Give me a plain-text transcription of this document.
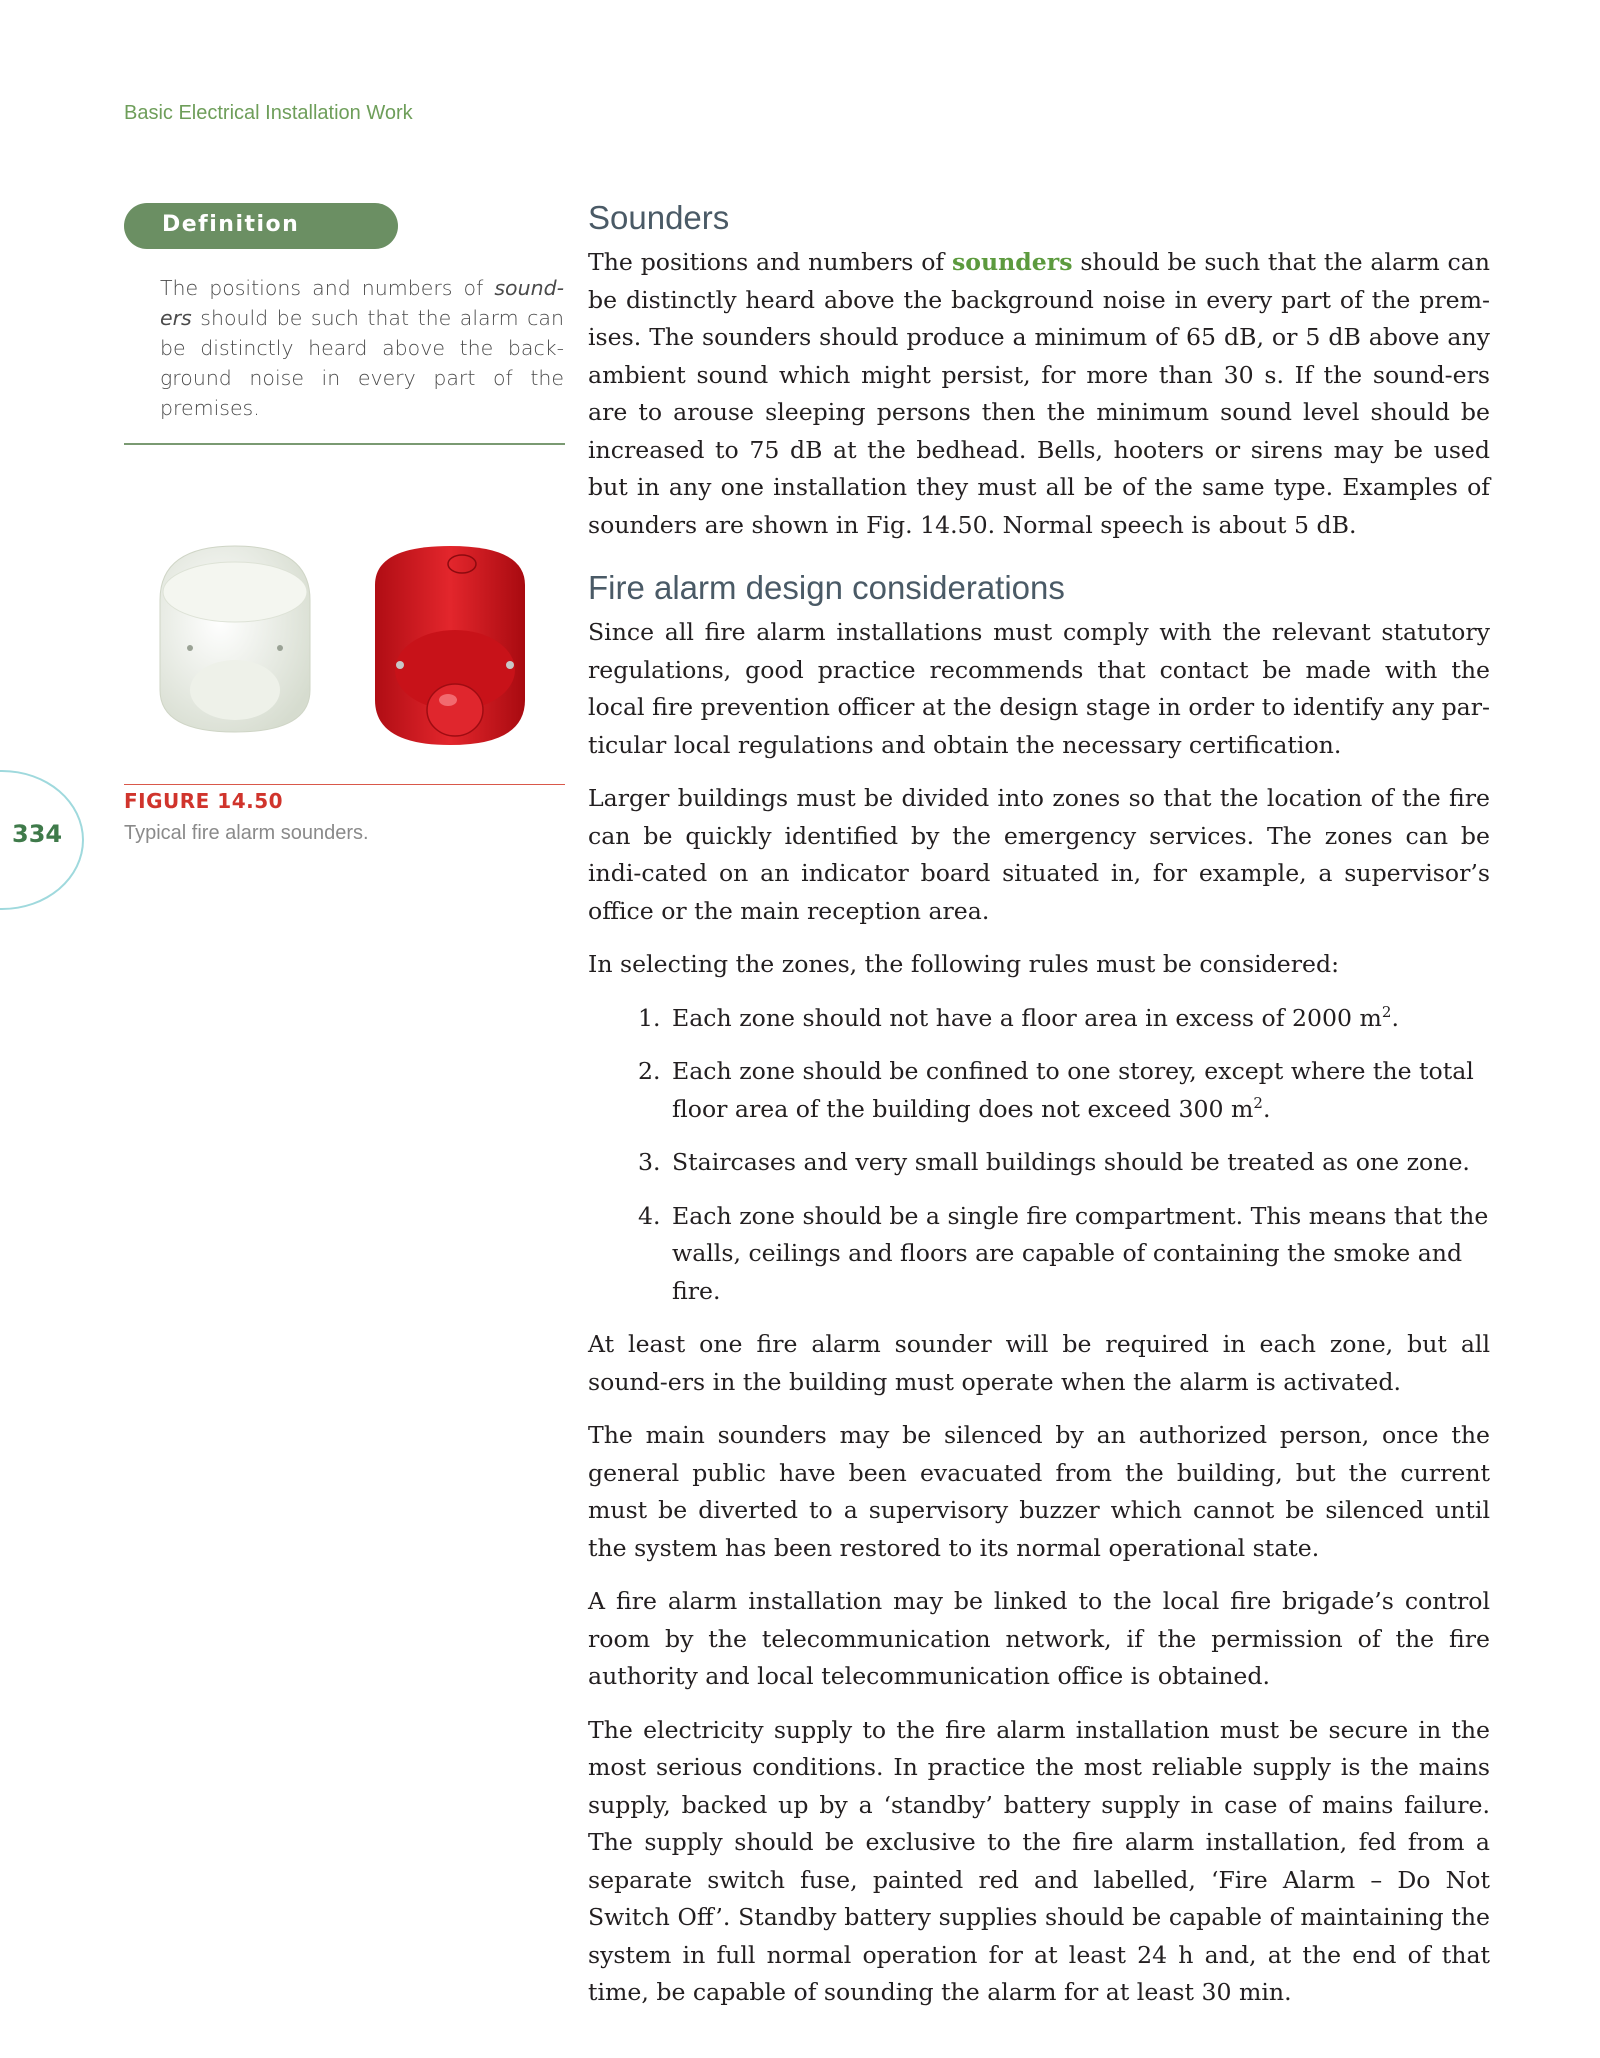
Basic Electrical Installation Work
Definition
The positions and numbers of sound-ers should be such that the alarm can be distinctly heard above the back-ground noise in every part of the premises.
FIGURE 14.50
Typical fire alarm sounders.
334
Sounders

The positions and numbers of sounders should be such that the alarm can be distinctly heard above the background noise in every part of the prem-ises. The sounders should produce a minimum of 65 dB, or 5 dB above any ambient sound which might persist, for more than 30 s. If the sound-ers are to arouse sleeping persons then the minimum sound level should be increased to 75 dB at the bedhead. Bells, hooters or sirens may be used but in any one installation they must all be of the same type. Examples of sounders are shown in Fig. 14.50. Normal speech is about 5 dB.

Fire alarm design considerations

Since all fire alarm installations must comply with the relevant statutory regulations, good practice recommends that contact be made with the local fire prevention officer at the design stage in order to identify any par-ticular local regulations and obtain the necessary certification.

Larger buildings must be divided into zones so that the location of the fire can be quickly identified by the emergency services. The zones can be indi-cated on an indicator board situated in, for example, a supervisor’s office or the main reception area.

In selecting the zones, the following rules must be considered:

1. Each zone should not have a floor area in excess of 2000 $m^2$.
2. Each zone should be confined to one storey, except where the total floor area of the building does not exceed 300 $m^2$.
3. Staircases and very small buildings should be treated as one zone.
4. Each zone should be a single fire compartment. This means that the walls, ceilings and floors are capable of containing the smoke and fire.

At least one fire alarm sounder will be required in each zone, but all sound-ers in the building must operate when the alarm is activated.

The main sounders may be silenced by an authorized person, once the general public have been evacuated from the building, but the current must be diverted to a supervisory buzzer which cannot be silenced until the system has been restored to its normal operational state.

A fire alarm installation may be linked to the local fire brigade’s control room by the telecommunication network, if the permission of the fire authority and local telecommunication office is obtained.

The electricity supply to the fire alarm installation must be secure in the most serious conditions. In practice the most reliable supply is the mains supply, backed up by a ‘standby’ battery supply in case of mains failure. The supply should be exclusive to the fire alarm installation, fed from a separate switch fuse, painted red and labelled, ‘Fire Alarm – Do Not Switch Off’. Standby battery supplies should be capable of maintaining the system in full normal operation for at least 24 h and, at the end of that time, be capable of sounding the alarm for at least 30 min.
